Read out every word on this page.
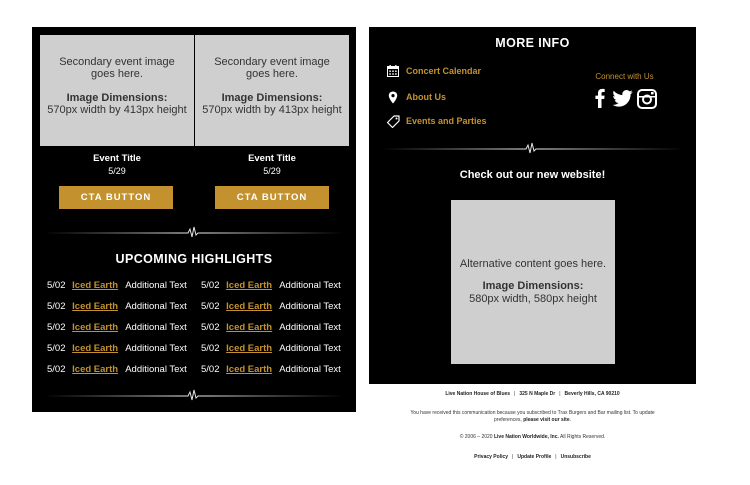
Secondary event image
goes here.
Image Dimensions:
570px width by 413px height
Event Title
5/29
CTA BUTTON
Secondary event image
goes here.
Image Dimensions:
570px width by 413px height
Event Title
5/29
CTA BUTTON
UPCOMING HIGHLIGHTS
5/02 Iced Earth Additional Text 5/02 Iced Earth Additional Text
5/02 Iced Earth Additional Text 5/02 Iced Earth Additional Text
5/02 Iced Earth Additional Text 5/02 Iced Earth Additional Text
5/02 Iced Earth Additional Text 5/02 Iced Earth Additional Text
5/02 Iced Earth Additional Text 5/02 Iced Earth Additional Text
MORE INFO
Concert Calendar
About Us
Events and Parties
Connect with Us
Check out our new website!
Alternative content goes here.
Image Dimensions:
580px width, 580px height
Live Nation House of Blues | 325 N Maple Dr | Beverly Hills, CA 90210
You have received this communication because you subscribed to Trax Burgers and Bar mailing list. To update
preferences, please visit our site.
© 2006 – 2020 Live Nation Worldwide, Inc. All Rights Reserved.
Privacy Policy | Update Profile | Unsubscribe
